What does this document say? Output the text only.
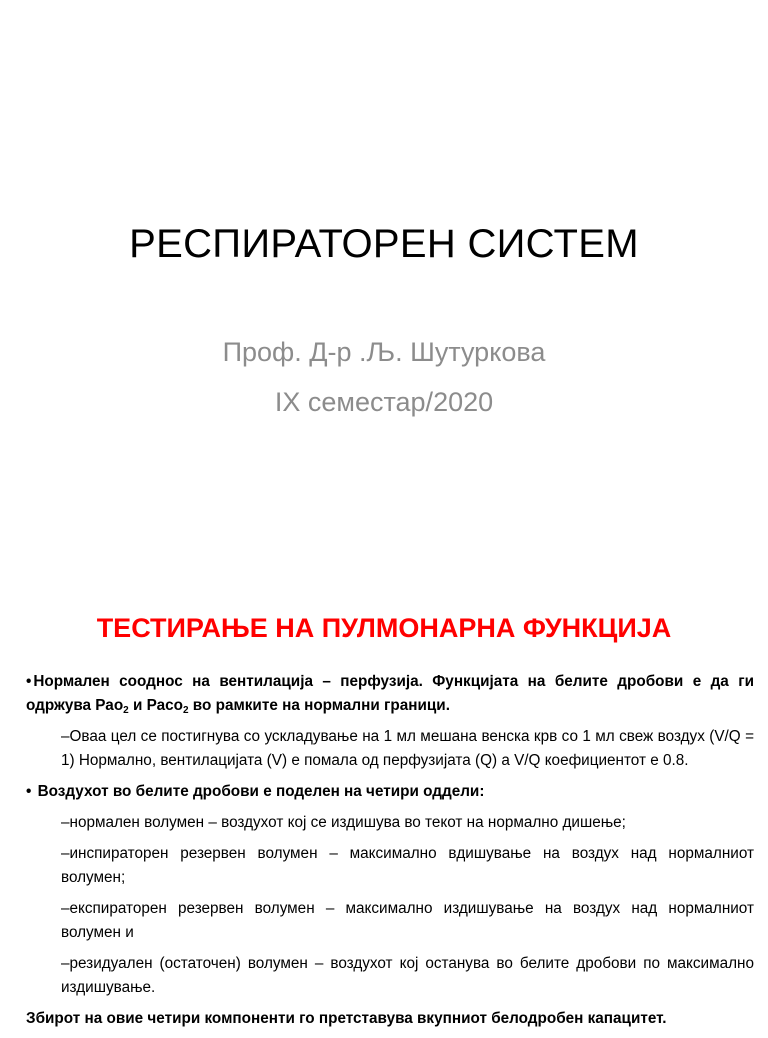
РЕСПИРАТОРЕН СИСТЕМ
Проф. Д-р .Љ. Шутуркова
IX семестар/2020
ТЕСТИРАЊЕ НА ПУЛМОНАРНА ФУНКЦИЈА

• Нормален сооднос на вентилација – перфузија. Функцијата на белите дробови е да ги одржува Рао$_2$ и Расо$_2$ во рамките на нормални граници.

–Оваа цел се постигнува со усклaдување на 1 мл мешана венска крв со 1 мл свеж воздух (V/Q = 1) Нормално, вентилацијата (V) е помала од перфузијата (Q) а V/Q коефициентот е 0.8.

• Воздухот во белите дробови е поделен на четири оддели:

–нормален волумен – воздухот кој се издишува во текот на нормално дишење;

–инспираторен резервен волумен – максимално вдишување на воздух над нормалниот волумен;

–експираторен резервен волумен – максимално издишување на воздух над нормалниот волумен и

–резидуален (остаточен) волумен – воздухот кој останува во белите дробови по максимално издишување.

Збирот на овие четири компоненти го претставува вкупниот белодробен капацитет.
